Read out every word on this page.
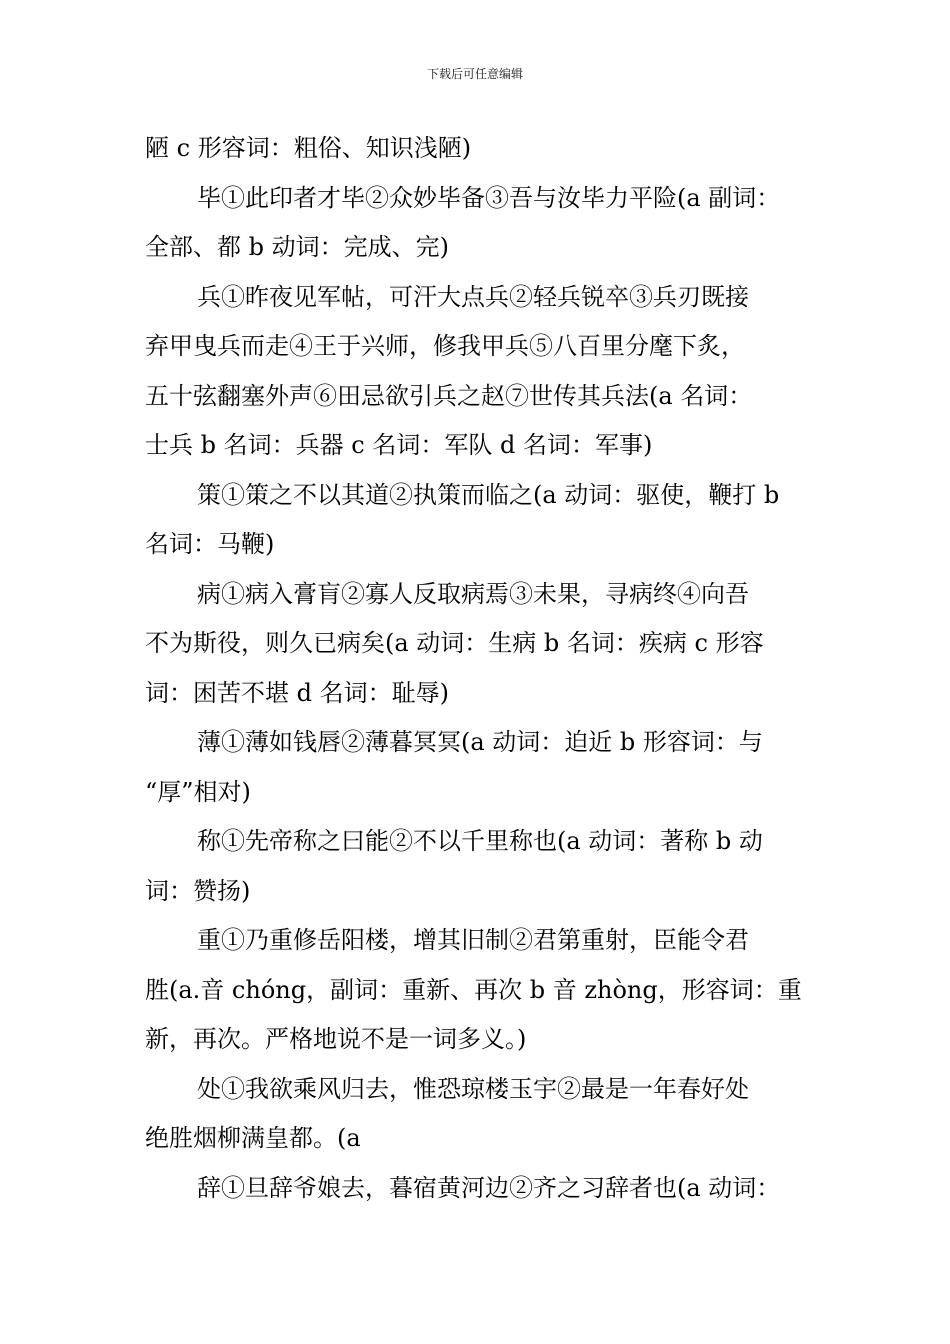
下载后可任意编辑
陋 c 形容词：粗俗、知识浅陋)
毕①此印者才毕②众妙毕备③吾与汝毕力平险(a 副词：
全部、都 b 动词：完成、完)
兵①昨夜见军帖，可汗大点兵②轻兵锐卒③兵刃既接
弃甲曳兵而走④王于兴师，修我甲兵⑤八百里分麾下炙，
五十弦翻塞外声⑥田忌欲引兵之赵⑦世传其兵法(a 名词：
士兵 b 名词：兵器 c 名词：军队 d 名词：军事)
策①策之不以其道②执策而临之(a 动词：驱使，鞭打 b
名词：马鞭)
病①病入膏肓②寡人反取病焉③未果，寻病终④向吾
不为斯役，则久已病矣(a 动词：生病 b 名词：疾病 c 形容
词：困苦不堪 d 名词：耻辱)
薄①薄如钱唇②薄暮冥冥(a 动词：迫近 b 形容词：与
“厚”相对)
称①先帝称之曰能②不以千里称也(a 动词：著称 b 动
词：赞扬)
重①乃重修岳阳楼，增其旧制②君第重射，臣能令君
胜(a.音 chóng，副词：重新、再次 b 音 zhòng，形容词：重
新，再次。严格地说不是一词多义。)
处①我欲乘风归去，惟恐琼楼玉宇②最是一年春好处
绝胜烟柳满皇都。(a
辞①旦辞爷娘去，暮宿黄河边②齐之习辞者也(a 动词：
